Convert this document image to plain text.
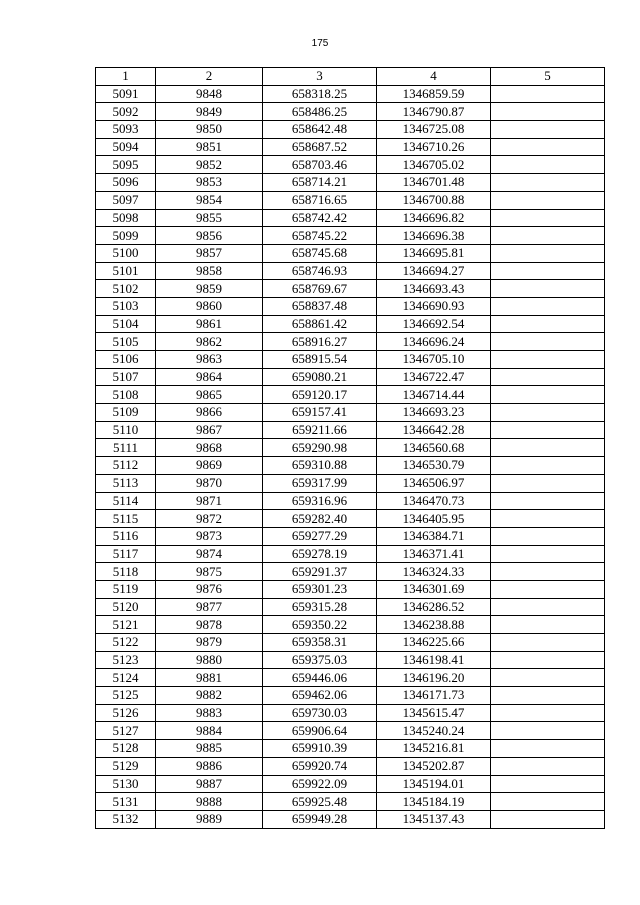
175
1	2	3	4	5
5091	9848	658318.25	1346859.59	
5092	9849	658486.25	1346790.87	
5093	9850	658642.48	1346725.08	
5094	9851	658687.52	1346710.26	
5095	9852	658703.46	1346705.02	
5096	9853	658714.21	1346701.48	
5097	9854	658716.65	1346700.88	
5098	9855	658742.42	1346696.82	
5099	9856	658745.22	1346696.38	
5100	9857	658745.68	1346695.81	
5101	9858	658746.93	1346694.27	
5102	9859	658769.67	1346693.43	
5103	9860	658837.48	1346690.93	
5104	9861	658861.42	1346692.54	
5105	9862	658916.27	1346696.24	
5106	9863	658915.54	1346705.10	
5107	9864	659080.21	1346722.47	
5108	9865	659120.17	1346714.44	
5109	9866	659157.41	1346693.23	
5110	9867	659211.66	1346642.28	
5111	9868	659290.98	1346560.68	
5112	9869	659310.88	1346530.79	
5113	9870	659317.99	1346506.97	
5114	9871	659316.96	1346470.73	
5115	9872	659282.40	1346405.95	
5116	9873	659277.29	1346384.71	
5117	9874	659278.19	1346371.41	
5118	9875	659291.37	1346324.33	
5119	9876	659301.23	1346301.69	
5120	9877	659315.28	1346286.52	
5121	9878	659350.22	1346238.88	
5122	9879	659358.31	1346225.66	
5123	9880	659375.03	1346198.41	
5124	9881	659446.06	1346196.20	
5125	9882	659462.06	1346171.73	
5126	9883	659730.03	1345615.47	
5127	9884	659906.64	1345240.24	
5128	9885	659910.39	1345216.81	
5129	9886	659920.74	1345202.87	
5130	9887	659922.09	1345194.01	
5131	9888	659925.48	1345184.19	
5132	9889	659949.28	1345137.43	
